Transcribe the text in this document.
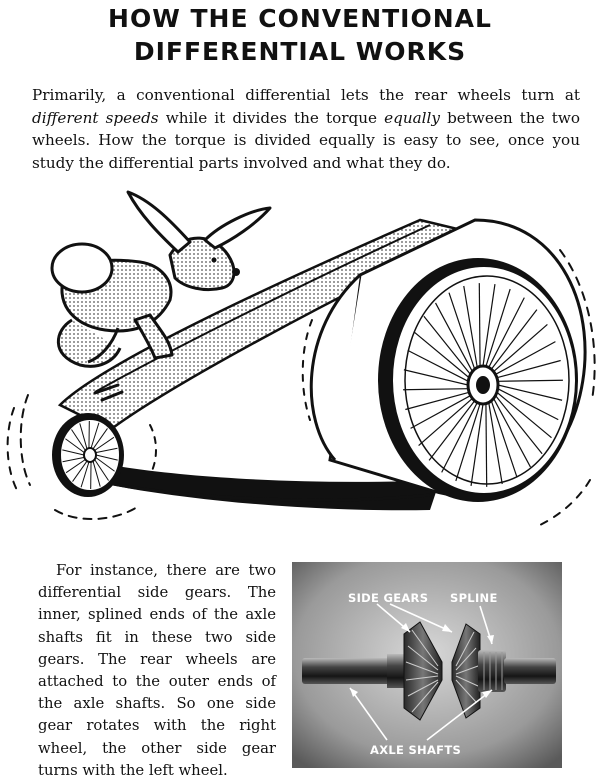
HOW THE CONVENTIONAL
DIFFERENTIAL WORKS
Primarily, a conventional differential lets the rear wheels turn at different speeds while it divides the torque equally between the two wheels. How the torque is divided equally is easy to see, once you study the differential parts involved and what they do.
For instance, there are two differential side gears. The inner, splined ends of the axle shafts fit in these two side gears. The rear wheels are attached to the outer ends of the axle shafts. So one side gear rotates with the right wheel, the other side gear turns with the left wheel.
SIDE GEARS SPLINE
AXLE SHAFTS
